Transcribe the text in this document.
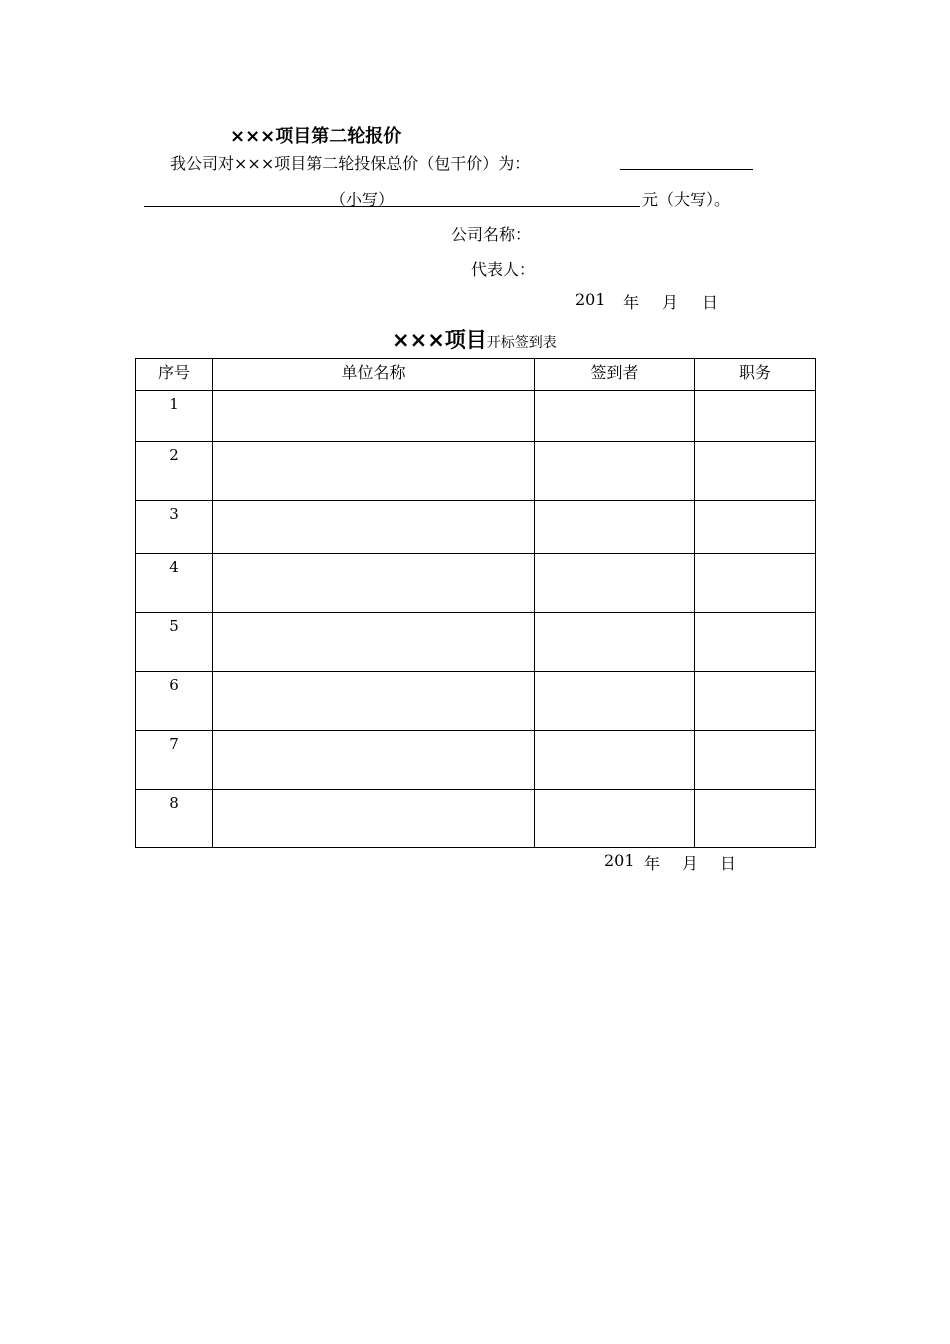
×××项目第二轮报价
我公司对×××项目第二轮投保总价（包干价）为：
（小写）	元（大写）。
公司名称：
代表人：
201 年 月 日
×××项目开标签到表
序号	单位名称	签到者	职务
1			
2			
3			
4			
5			
6			
7			
8			
201 年 月 日
